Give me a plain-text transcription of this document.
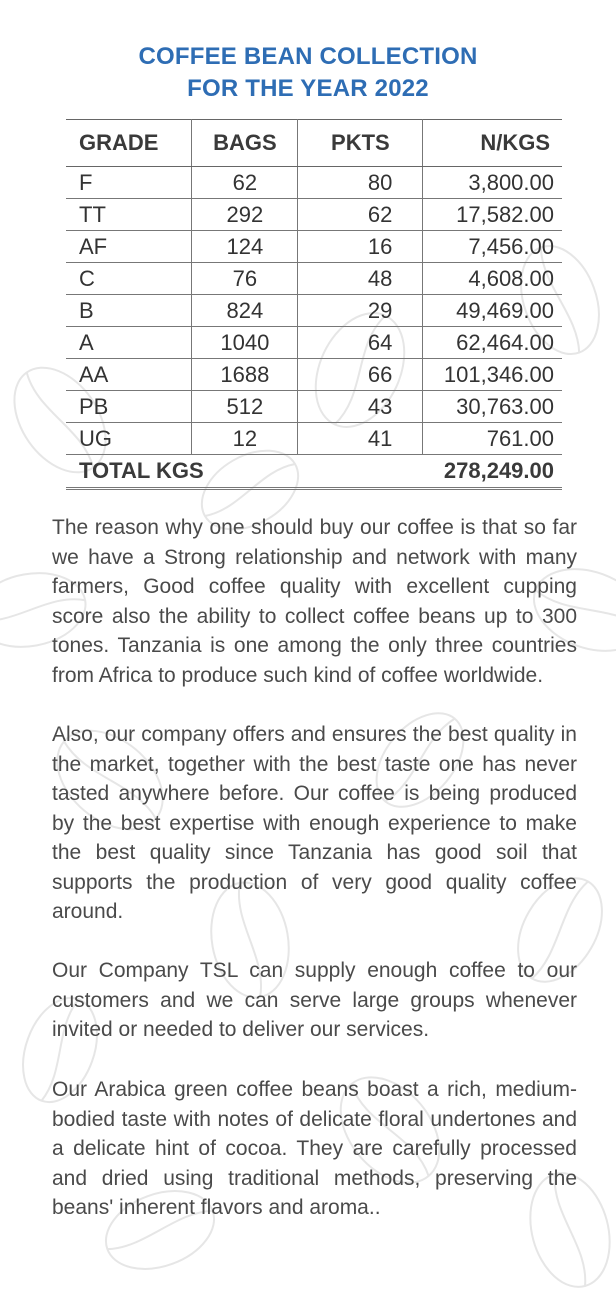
COFFEE BEAN COLLECTION
FOR THE YEAR 2022
GRADE	BAGS	PKTS	N/KGS
F	62	80	3,800.00
TT	292	62	17,582.00
AF	124	16	7,456.00
C	76	48	4,608.00
B	824	29	49,469.00
A	1040	64	62,464.00
AA	1688	66	101,346.00
PB	512	43	30,763.00
UG	12	41	761.00
TOTAL KGS			278,249.00

The reason why one should buy our coffee is that so far we have a Strong relationship and network with many farmers, Good coffee quality with excellent cupping score also the ability to collect coffee beans up to 300 tones. Tanzania is one among the only three countries from Africa to produce such kind of coffee worldwide.

Also, our company offers and ensures the best quality in the market, together with the best taste one has never tasted anywhere before. Our coffee is being produced by the best expertise with enough experience to make the best quality since Tanzania has good soil that supports the production of very good quality coffee around.

Our Company TSL can supply enough coffee to our customers and we can serve large groups whenever invited or needed to deliver our services.

Our Arabica green coffee beans boast a rich, medium-bodied taste with notes of delicate floral undertones and a delicate hint of cocoa. They are carefully processed and dried using traditional methods, preserving the beans' inherent flavors and aroma..
